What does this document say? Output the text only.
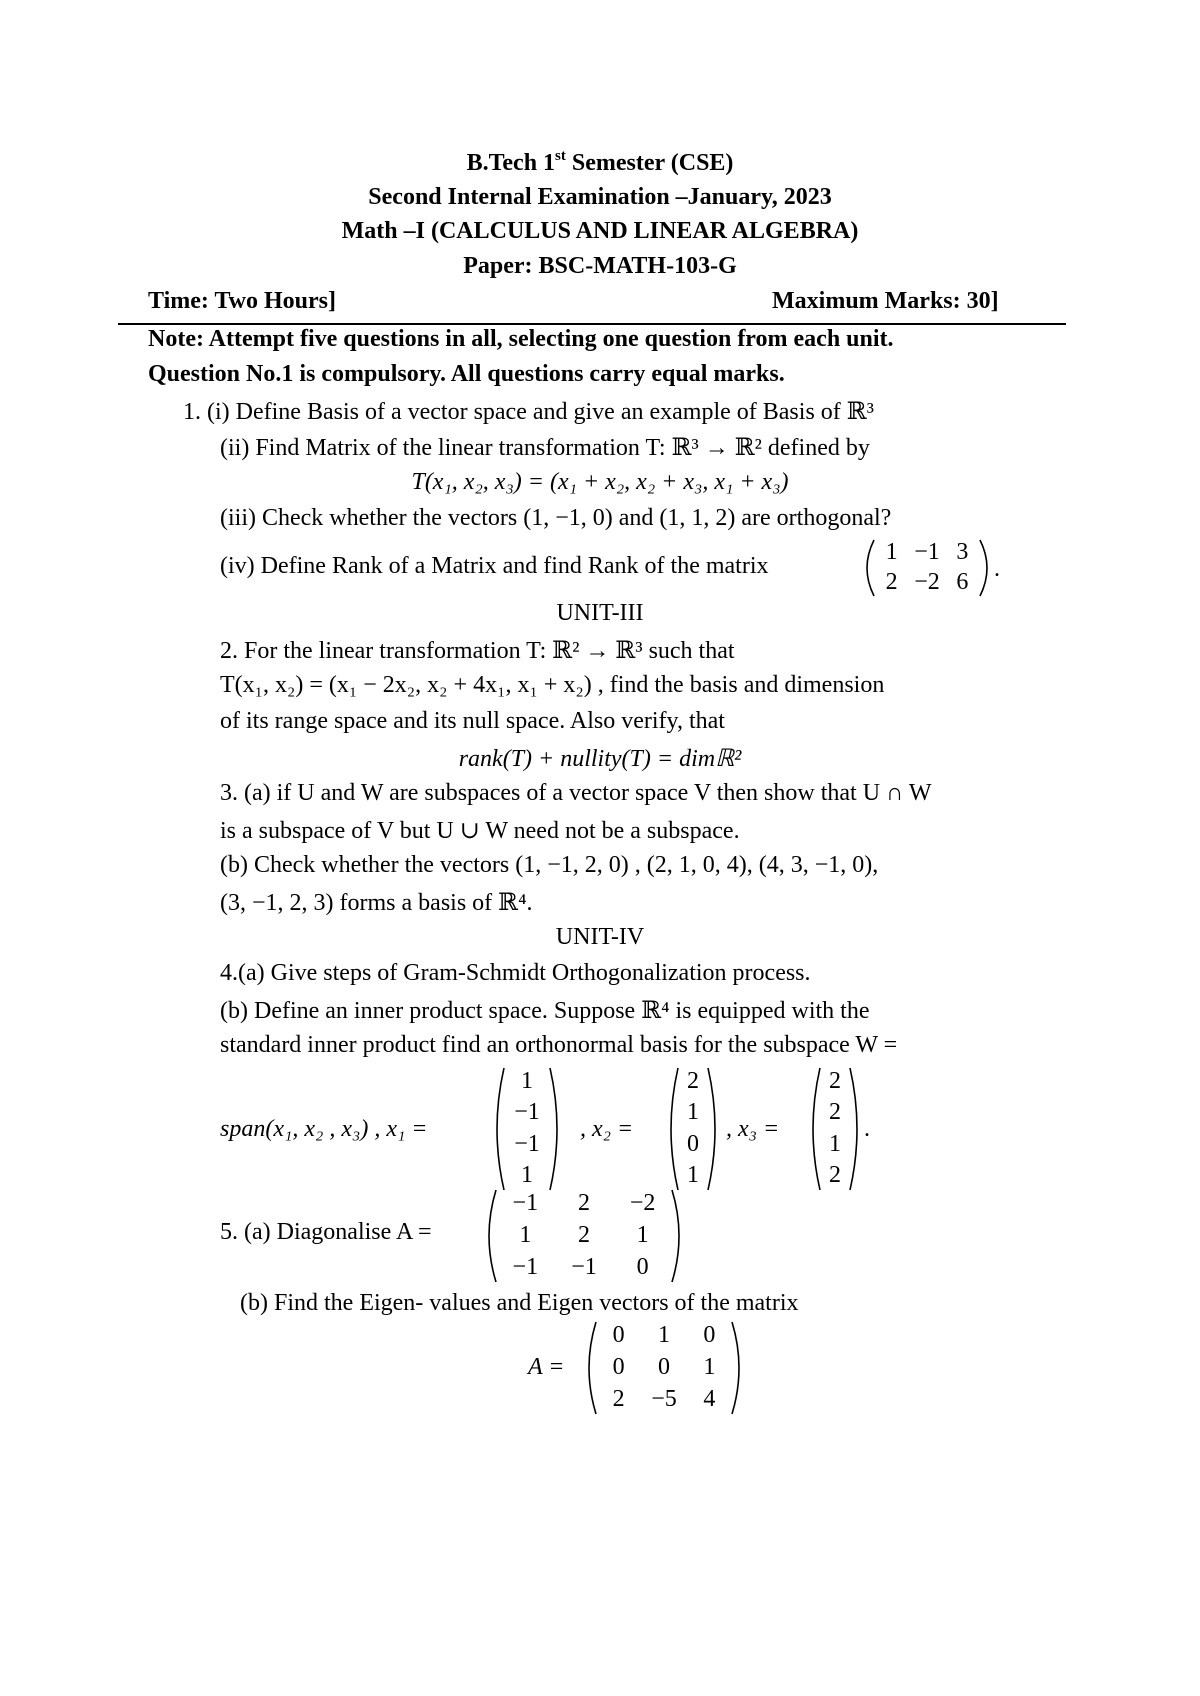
B.Tech 1st Semester (CSE)
Second Internal Examination –January, 2023
Math –I (CALCULUS AND LINEAR ALGEBRA)
Paper: BSC-MATH-103-G
Time: Two Hours]	Maximum Marks: 30]
Note: Attempt five questions in all, selecting one question from each unit.
Question No.1 is compulsory. All questions carry equal marks.
1. (i) Define Basis of a vector space and give an example of Basis of ℝ³
(ii) Find Matrix of the linear transformation T: ℝ³ → ℝ² defined by
T(x₁, x₂, x₃) = (x₁ + x₂, x₂ + x₃, x₁ + x₃)
(iii) Check whether the vectors (1, −1, 0) and (1, 1, 2) are orthogonal?
(iv) Define Rank of a Matrix and find Rank of the matrix
1 −1 3
2 −2 6	.
UNIT-III
2. For the linear transformation T: ℝ² → ℝ³ such that
T(x₁, x₂) = (x₁ − 2x₂, x₂ + 4x₁, x₁ + x₂) , find the basis and dimension
of its range space and its null space. Also verify, that
rank(T) + nullity(T) = dimℝ²
3. (a) if U and W are subspaces of a vector space V then show that U ∩ W
is a subspace of V but U ∪ W need not be a subspace.
(b) Check whether the vectors (1, −1, 2, 0) , (2, 1, 0, 4), (4, 3, −1, 0),
(3, −1, 2, 3) forms a basis of ℝ⁴.
UNIT-IV
4.(a) Give steps of Gram-Schmidt Orthogonalization process.
(b) Define an inner product space. Suppose ℝ⁴ is equipped with the
standard inner product find an orthonormal basis for the subspace W =
span(x₁, x₂ , x₃) , x₁ =
1
−1
−1
1
, x₂ =
2
1
0
1
, x₃ =
2
2
1
2
.
5. (a) Diagonalise A =
−1	2	−2
1	2	1
−1	−1	0
(b) Find the Eigen- values and Eigen vectors of the matrix
A =
0	1	0
0	0	1
2	−5	4
